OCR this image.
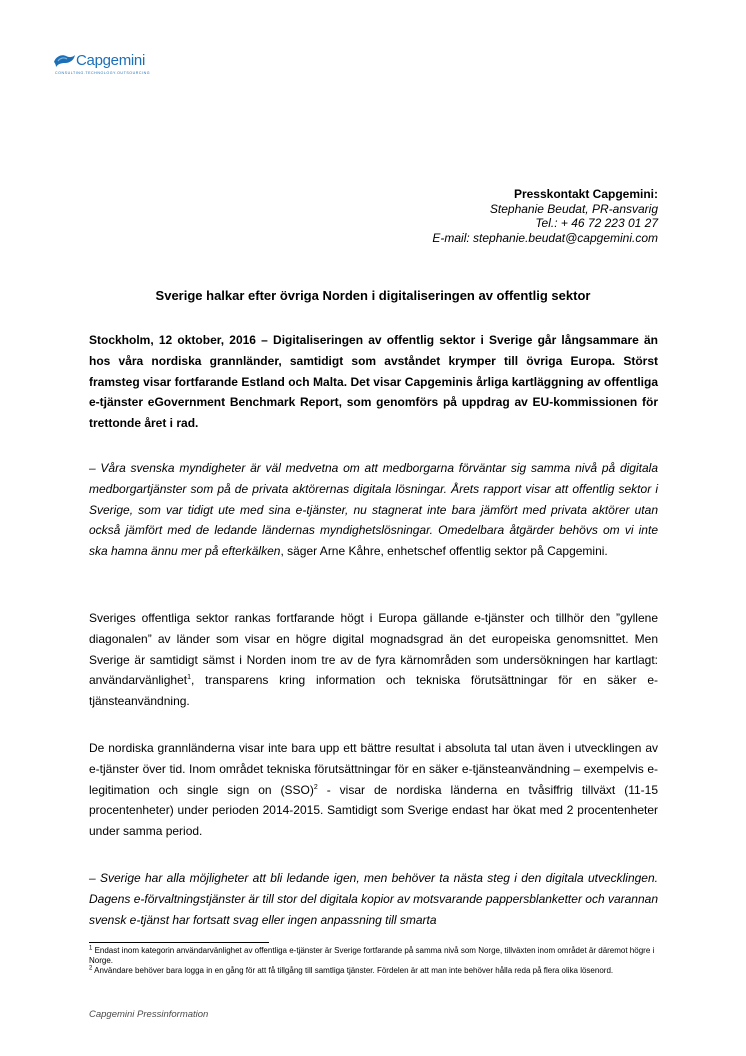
Capgemini
CONSULTING.TECHNOLOGY.OUTSOURCING
Presskontakt Capgemini:
Stephanie Beudat, PR-ansvarig
Tel.: + 46 72 223 01 27
E-mail: stephanie.beudat@capgemini.com
Sverige halkar efter övriga Norden i digitaliseringen av offentlig sektor

Stockholm, 12 oktober, 2016 – Digitaliseringen av offentlig sektor i Sverige går långsammare än hos våra nordiska grannländer, samtidigt som avståndet krymper till övriga Europa. Störst framsteg visar fortfarande Estland och Malta. Det visar Capgeminis årliga kartläggning av offentliga e-tjänster eGovernment Benchmark Report, som genomförs på uppdrag av EU-kommissionen för trettonde året i rad.

– Våra svenska myndigheter är väl medvetna om att medborgarna förväntar sig samma nivå på digitala medborgartjänster som på de privata aktörernas digitala lösningar. Årets rapport visar att offentlig sektor i Sverige, som var tidigt ute med sina e-tjänster, nu stagnerat inte bara jämfört med privata aktörer utan också jämfört med de ledande ländernas myndighetslösningar. Omedelbara åtgärder behövs om vi inte ska hamna ännu mer på efterkälken, säger Arne Kåhre, enhetschef offentlig sektor på Capgemini.

Sveriges offentliga sektor rankas fortfarande högt i Europa gällande e-tjänster och tillhör den ”gyllene diagonalen” av länder som visar en högre digital mognadsgrad än det europeiska genomsnittet. Men Sverige är samtidigt sämst i Norden inom tre av de fyra kärnområden som undersökningen har kartlagt: användarvänlighet$^1$, transparens kring information och tekniska förutsättningar för en säker e-tjänsteanvändning.

De nordiska grannländerna visar inte bara upp ett bättre resultat i absoluta tal utan även i utvecklingen av e-tjänster över tid. Inom området tekniska förutsättningar för en säker e-tjänsteanvändning – exempelvis e-legitimation och single sign on (SSO)$^2$ - visar de nordiska länderna en tvåsiffrig tillväxt (11-15 procentenheter) under perioden 2014-2015. Samtidigt som Sverige endast har ökat med 2 procentenheter under samma period.

– Sverige har alla möjligheter att bli ledande igen, men behöver ta nästa steg i den digitala utvecklingen. Dagens e-förvaltningstjänster är till stor del digitala kopior av motsvarande pappersblanketter och varannan svensk e-tjänst har fortsatt svag eller ingen anpassning till smarta

$^1$ Endast inom kategorin användarvänlighet av offentliga e-tjänster är Sverige fortfarande på samma nivå som Norge, tillväxten inom området är däremot högre i Norge.

$^2$ Användare behöver bara logga in en gång för att få tillgång till samtliga tjänster. Fördelen är att man inte behöver hålla reda på flera olika lösenord.

Capgemini Pressinformation
